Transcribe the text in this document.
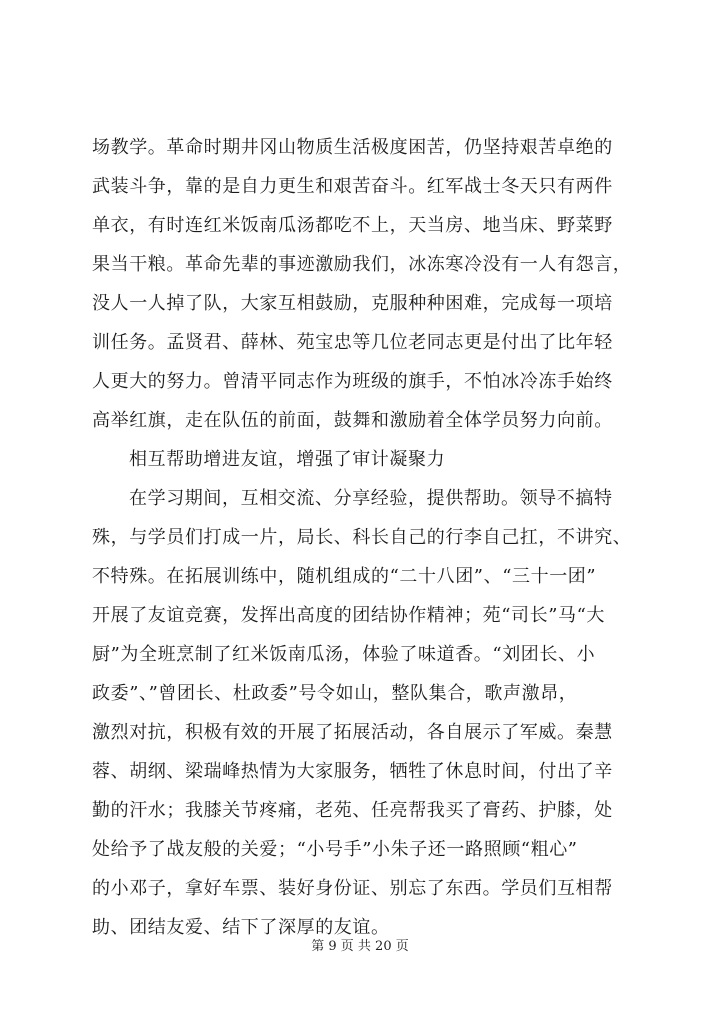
场教学。革命时期井冈山物质生活极度困苦，仍坚持艰苦卓绝的
武装斗争，靠的是自力更生和艰苦奋斗。红军战士冬天只有两件
单衣，有时连红米饭南瓜汤都吃不上，天当房、地当床、野菜野
果当干粮。革命先辈的事迹激励我们，冰冻寒冷没有一人有怨言，
没人一人掉了队，大家互相鼓励，克服种种困难，完成每一项培
训任务。孟贤君、薛林、苑宝忠等几位老同志更是付出了比年轻
人更大的努力。曾清平同志作为班级的旗手，不怕冰冷冻手始终
高举红旗，走在队伍的前面，鼓舞和激励着全体学员努力向前。
相互帮助增进友谊，增强了审计凝聚力
在学习期间，互相交流、分享经验，提供帮助。领导不搞特
殊，与学员们打成一片，局长、科长自己的行李自己扛，不讲究、
不特殊。在拓展训练中，随机组成的“二十八团”、“三十一团”
开展了友谊竞赛，发挥出高度的团结协作精神；苑“司长”马“大
厨”为全班烹制了红米饭南瓜汤，体验了味道香。“刘团长、小
政委”、”曾团长、杜政委”号令如山，整队集合，歌声激昂，
激烈对抗，积极有效的开展了拓展活动，各自展示了军威。秦慧
蓉、胡纲、梁瑞峰热情为大家服务，牺牲了休息时间，付出了辛
勤的汗水；我膝关节疼痛，老苑、任亮帮我买了膏药、护膝，处
处给予了战友般的关爱；“小号手”小朱子还一路照顾“粗心”
的小邓子，拿好车票、装好身份证、别忘了东西。学员们互相帮
助、团结友爱、结下了深厚的友谊。
第 9 页 共 20 页
